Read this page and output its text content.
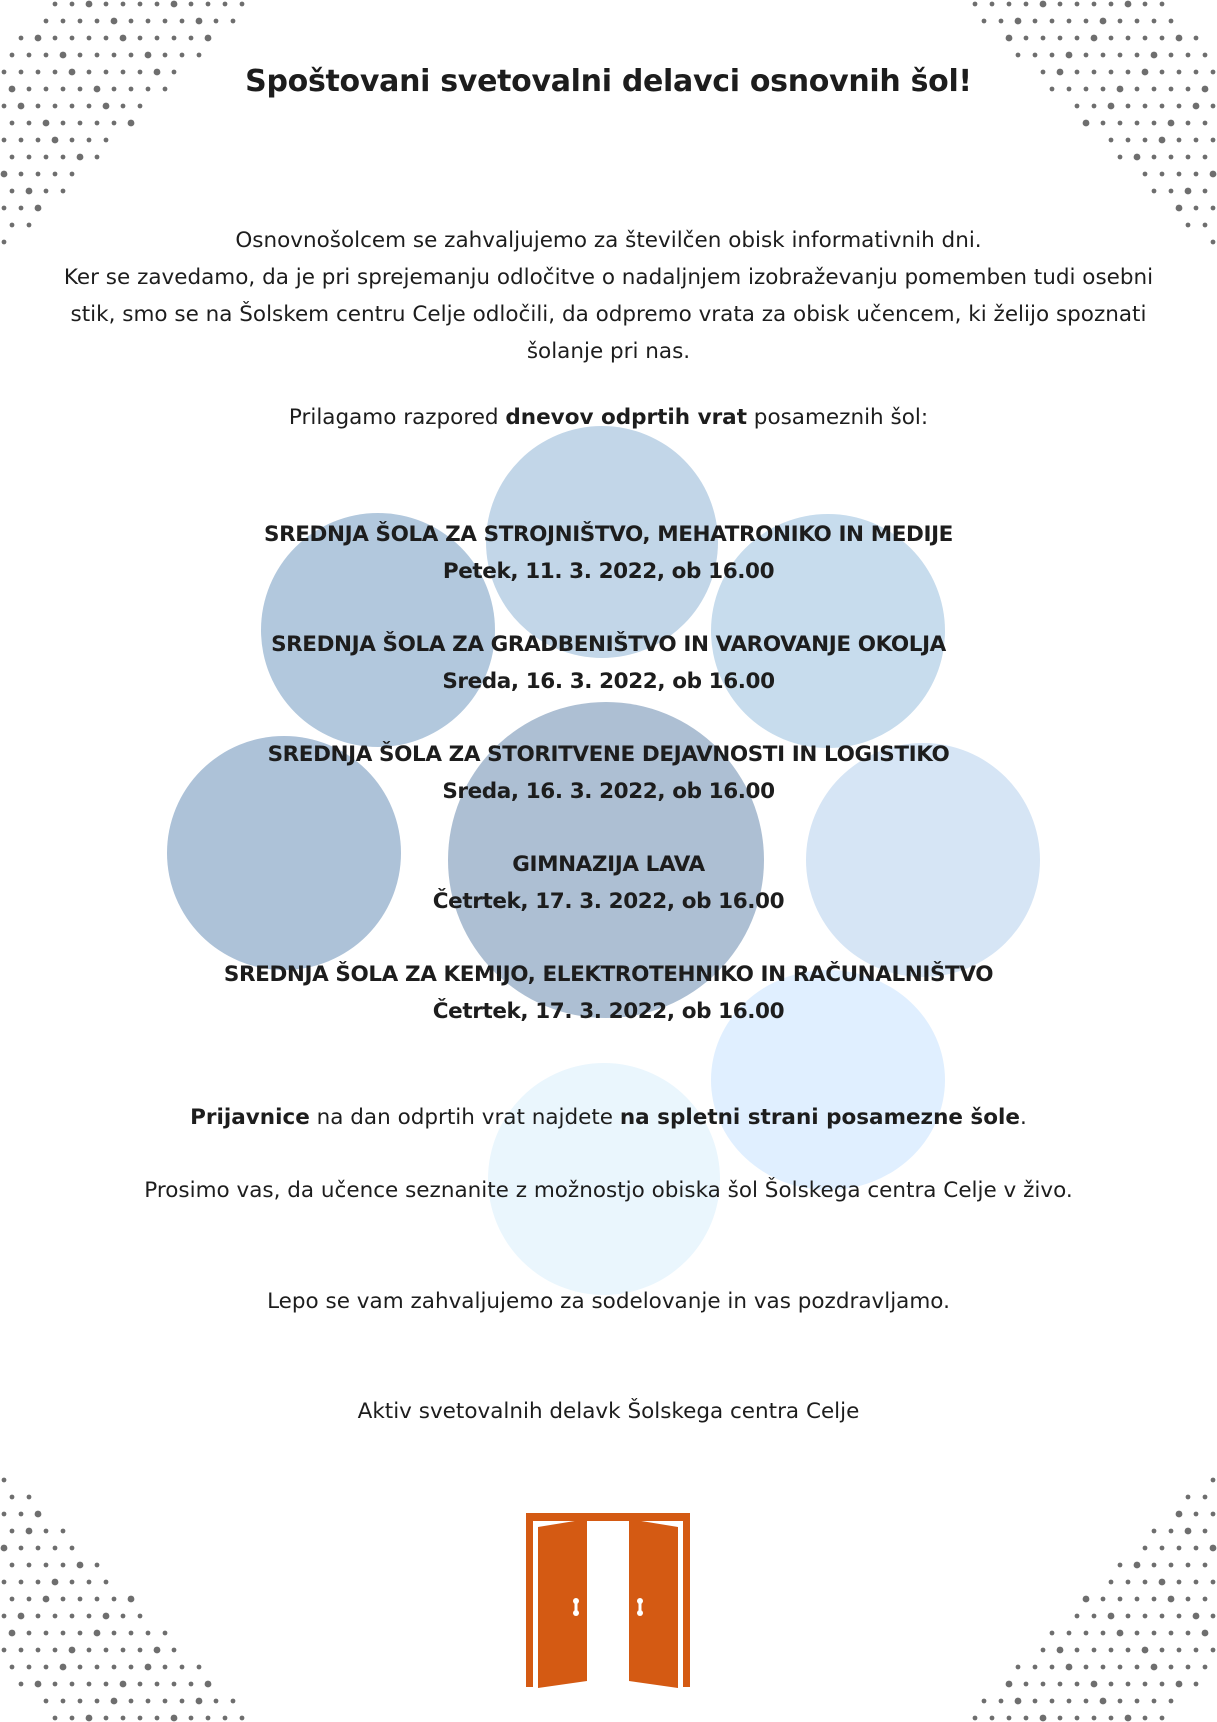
Spoštovani svetovalni delavci osnovnih šol!

Osnovnošolcem se zahvaljujemo za številčen obisk informativnih dni.

Ker se zavedamo, da je pri sprejemanju odločitve o nadaljnjem izobraževanju pomemben tudi osebni stik, smo se na Šolskem centru Celje odločili, da odpremo vrata za obisk učencem, ki želijo spoznati šolanje pri nas.

Prilagamo razpored dnevov odprtih vrat posameznih šol:
SREDNJA ŠOLA ZA STROJNIŠTVO, MEHATRONIKO IN MEDIJE
Petek, 11. 3. 2022, ob 16.00
SREDNJA ŠOLA ZA GRADBENIŠTVO IN VAROVANJE OKOLJA
Sreda, 16. 3. 2022, ob 16.00
SREDNJA ŠOLA ZA STORITVENE DEJAVNOSTI IN LOGISTIKO
Sreda, 16. 3. 2022, ob 16.00
GIMNAZIJA LAVA
Četrtek, 17. 3. 2022, ob 16.00
SREDNJA ŠOLA ZA KEMIJO, ELEKTROTEHNIKO IN RAČUNALNIŠTVO
Četrtek, 17. 3. 2022, ob 16.00
Prijavnice na dan odprtih vrat najdete na spletni strani posamezne šole.
Prosimo vas, da učence seznanite z možnostjo obiska šol Šolskega centra Celje v živo.
Lepo se vam zahvaljujemo za sodelovanje in vas pozdravljamo.
Aktiv svetovalnih delavk Šolskega centra Celje
